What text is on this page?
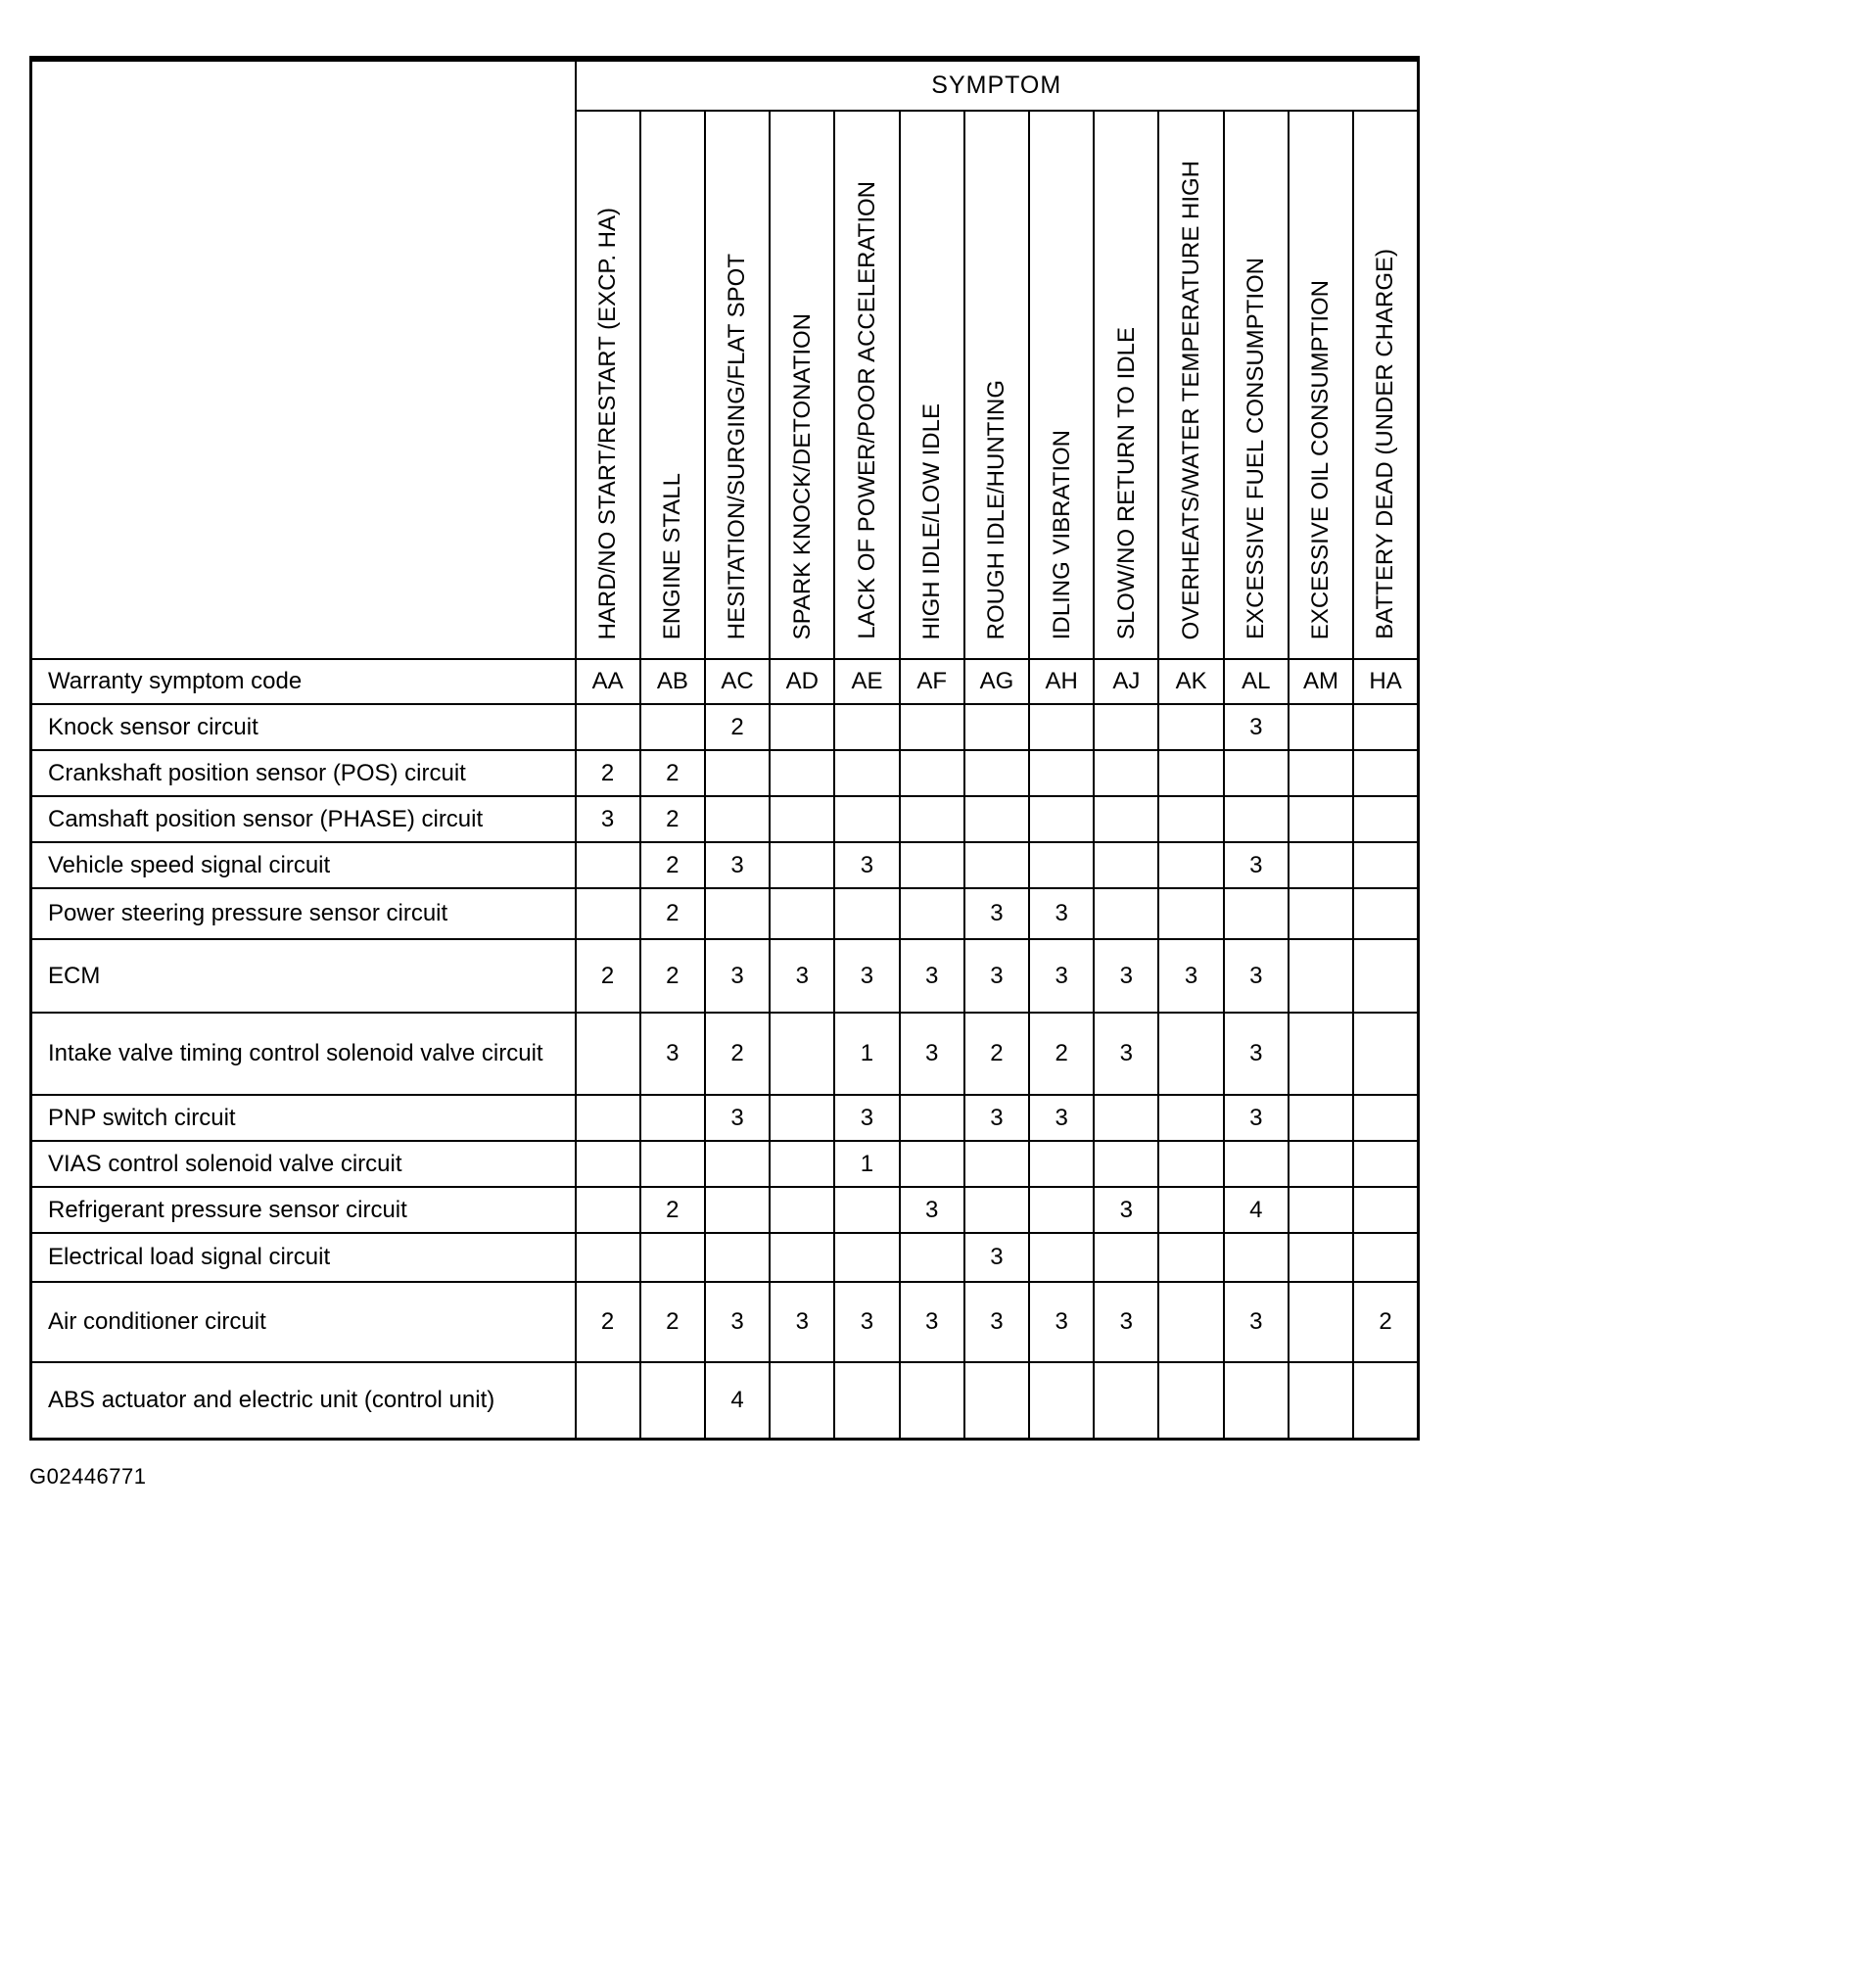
	SYMPTOM												
	HARD/NO START/RESTART (EXCP. HA)	ENGINE STALL	HESITATION/SURGING/FLAT SPOT	SPARK KNOCK/DETONATION	LACK OF POWER/POOR ACCELERATION	HIGH IDLE/LOW IDLE	ROUGH IDLE/HUNTING	IDLING VIBRATION	SLOW/NO RETURN TO IDLE	OVERHEATS/WATER TEMPERATURE HIGH	EXCESSIVE FUEL CONSUMPTION	EXCESSIVE OIL CONSUMPTION	BATTERY DEAD (UNDER CHARGE)
Warranty symptom code	AA	AB	AC	AD	AE	AF	AG	AH	AJ	AK	AL	AM	HA
Knock sensor circuit			2								3		
Crankshaft position sensor (POS) circuit	2	2											
Camshaft position sensor (PHASE) circuit	3	2											
Vehicle speed signal circuit		2	3		3						3		
Power steering pressure sensor circuit		2					3	3					
ECM	2	2	3	3	3	3	3	3	3	3	3		
Intake valve timing control solenoid valve circuit		3	2		1	3	2	2	3		3		
PNP switch circuit			3		3		3	3			3		
VIAS control solenoid valve circuit					1								
Refrigerant pressure sensor circuit		2				3			3		4		
Electrical load signal circuit							3						
Air conditioner circuit	2	2	3	3	3	3	3	3	3		3		2
ABS actuator and electric unit (control unit)			4										
G02446771
